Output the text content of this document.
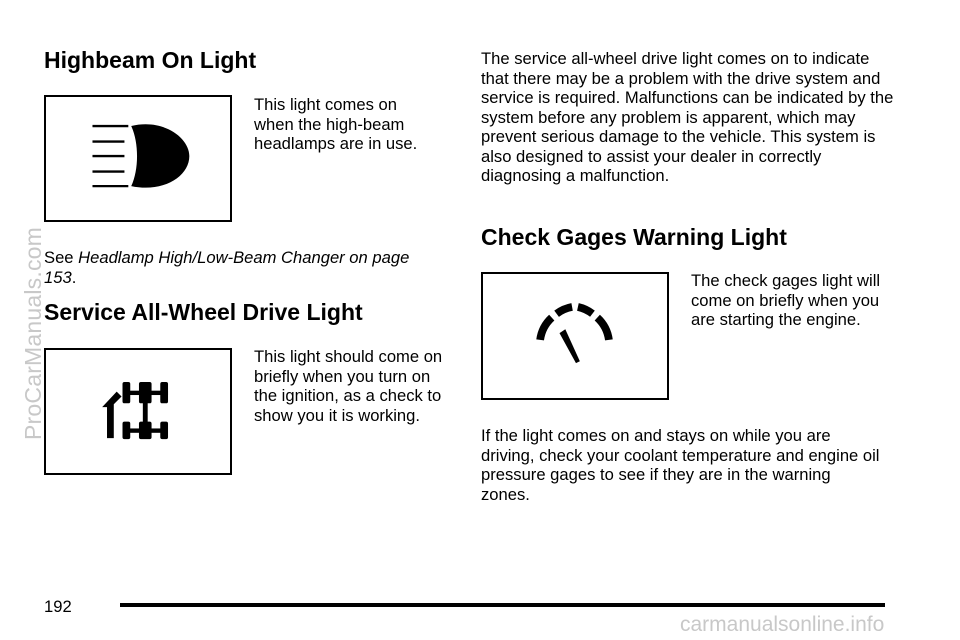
Highbeam On Light

This light comes on when the high-beam headlamps are in use.

See Headlamp High/Low-Beam Changer on page 153.

Service All-Wheel Drive Light

This light should come on briefly when you turn on the ignition, as a check to show you it is working.

The service all-wheel drive light comes on to indicate that there may be a problem with the drive system and service is required. Malfunctions can be indicated by the system before any problem is apparent, which may prevent serious damage to the vehicle. This system is also designed to assist your dealer in correctly diagnosing a malfunction.

Check Gages Warning Light

The check gages light will come on briefly when you are starting the engine.

If the light comes on and stays on while you are driving, check your coolant temperature and engine oil pressure gages to see if they are in the warning zones.

192
ProCarManuals.com
carmanualsonline.info
